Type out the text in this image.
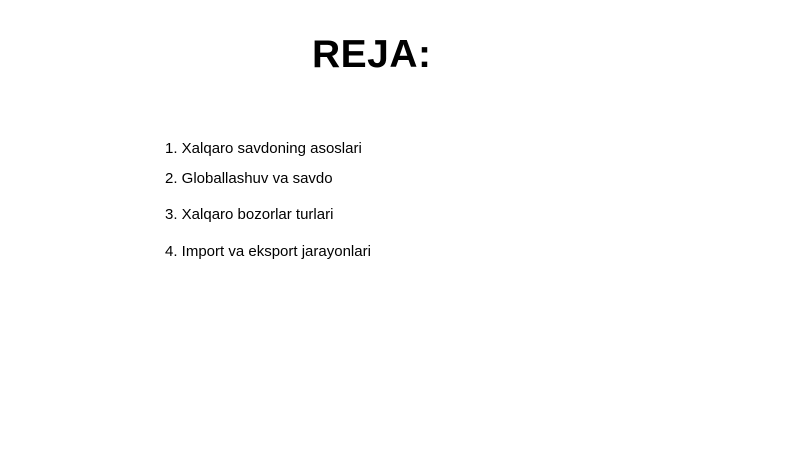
REJA:

1. Xalqaro savdoning asoslari

2. Globallashuv va savdo

3. Xalqaro bozorlar turlari

4. Import va eksport jarayonlari
